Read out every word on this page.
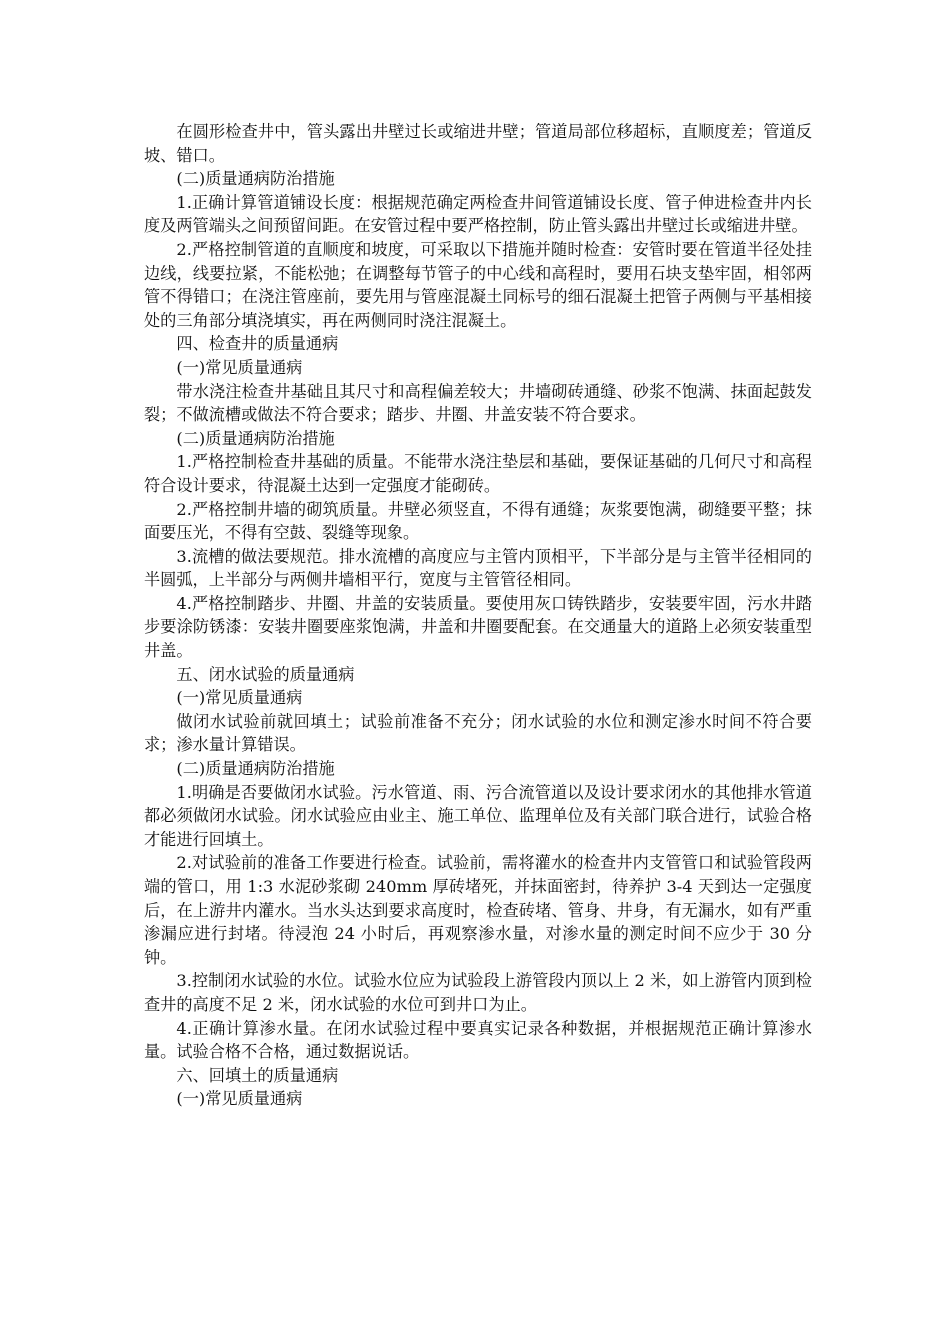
在圆形检查井中，管头露出井壁过长或缩进井壁；管道局部位移超标，直顺度差；管道反坡、错口。

(二)质量通病防治措施

1.正确计算管道铺设长度：根据规范确定两检查井间管道铺设长度、管子伸进检查井内长度及两管端头之间预留间距。在安管过程中要严格控制，防止管头露出井壁过长或缩进井壁。

2.严格控制管道的直顺度和坡度，可采取以下措施并随时检查：安管时要在管道半径处挂边线，线要拉紧，不能松弛；在调整每节管子的中心线和高程时，要用石块支垫牢固，相邻两管不得错口；在浇注管座前，要先用与管座混凝土同标号的细石混凝土把管子两侧与平基相接处的三角部分填浇填实，再在两侧同时浇注混凝土。

四、检查井的质量通病

(一)常见质量通病

带水浇注检查井基础且其尺寸和高程偏差较大；井墙砌砖通缝、砂浆不饱满、抹面起鼓发裂；不做流槽或做法不符合要求；踏步、井圈、井盖安装不符合要求。

(二)质量通病防治措施

1.严格控制检查井基础的质量。不能带水浇注垫层和基础，要保证基础的几何尺寸和高程符合设计要求，待混凝土达到一定强度才能砌砖。

2.严格控制井墙的砌筑质量。井壁必须竖直，不得有通缝；灰浆要饱满，砌缝要平整；抹面要压光，不得有空鼓、裂缝等现象。

3.流槽的做法要规范。排水流槽的高度应与主管内顶相平，下半部分是与主管半径相同的半圆弧，上半部分与两侧井墙相平行，宽度与主管管径相同。

4.严格控制踏步、井圈、井盖的安装质量。要使用灰口铸铁踏步，安装要牢固，污水井踏步要涂防锈漆：安装井圈要座浆饱满，井盖和井圈要配套。在交通量大的道路上必须安装重型井盖。

五、闭水试验的质量通病

(一)常见质量通病

做闭水试验前就回填土；试验前准备不充分；闭水试验的水位和测定渗水时间不符合要求；渗水量计算错误。

(二)质量通病防治措施

1.明确是否要做闭水试验。污水管道、雨、污合流管道以及设计要求闭水的其他排水管道都必须做闭水试验。闭水试验应由业主、施工单位、监理单位及有关部门联合进行，试验合格才能进行回填土。

2.对试验前的准备工作要进行检查。试验前，需将灌水的检查井内支管管口和试验管段两端的管口，用 1:3 水泥砂浆砌 240mm 厚砖堵死，并抹面密封，待养护 3-4 天到达一定强度后，在上游井内灌水。当水头达到要求高度时，检查砖堵、管身、井身，有无漏水，如有严重渗漏应进行封堵。待浸泡 24 小时后，再观察渗水量，对渗水量的测定时间不应少于 30 分钟。

3.控制闭水试验的水位。试验水位应为试验段上游管段内顶以上 2 米，如上游管内顶到检查井的高度不足 2 米，闭水试验的水位可到井口为止。

4.正确计算渗水量。在闭水试验过程中要真实记录各种数据，并根据规范正确计算渗水量。试验合格不合格，通过数据说话。

六、回填土的质量通病

(一)常见质量通病
